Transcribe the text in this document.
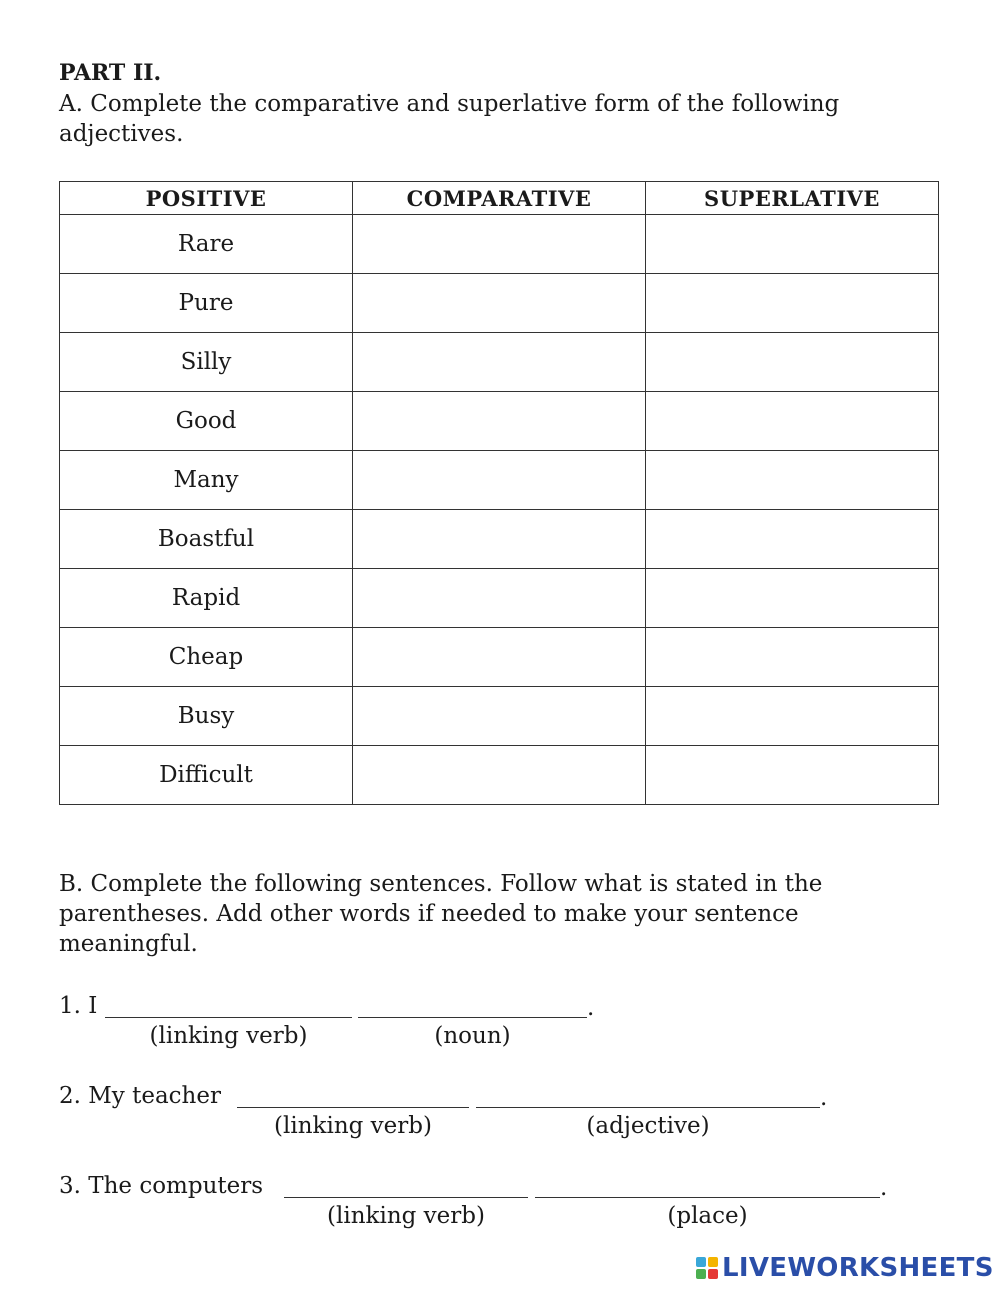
PART II.

A. Complete the comparative and superlative form of the following adjectives.

POSITIVE	COMPARATIVE	SUPERLATIVE
Rare		
Pure		
Silly		
Good		
Many		
Boastful		
Rapid		
Cheap		
Busy		
Difficult		

B. Complete the following sentences. Follow what is stated in the parentheses. Add other words if needed to make your sentence meaningful.

1. I	.
(linking verb)	(noun)
2. My teacher	.
(linking verb)	(adjective)
3. The computers	.
(linking verb)	(place)
LIVEWORKSHEETS
